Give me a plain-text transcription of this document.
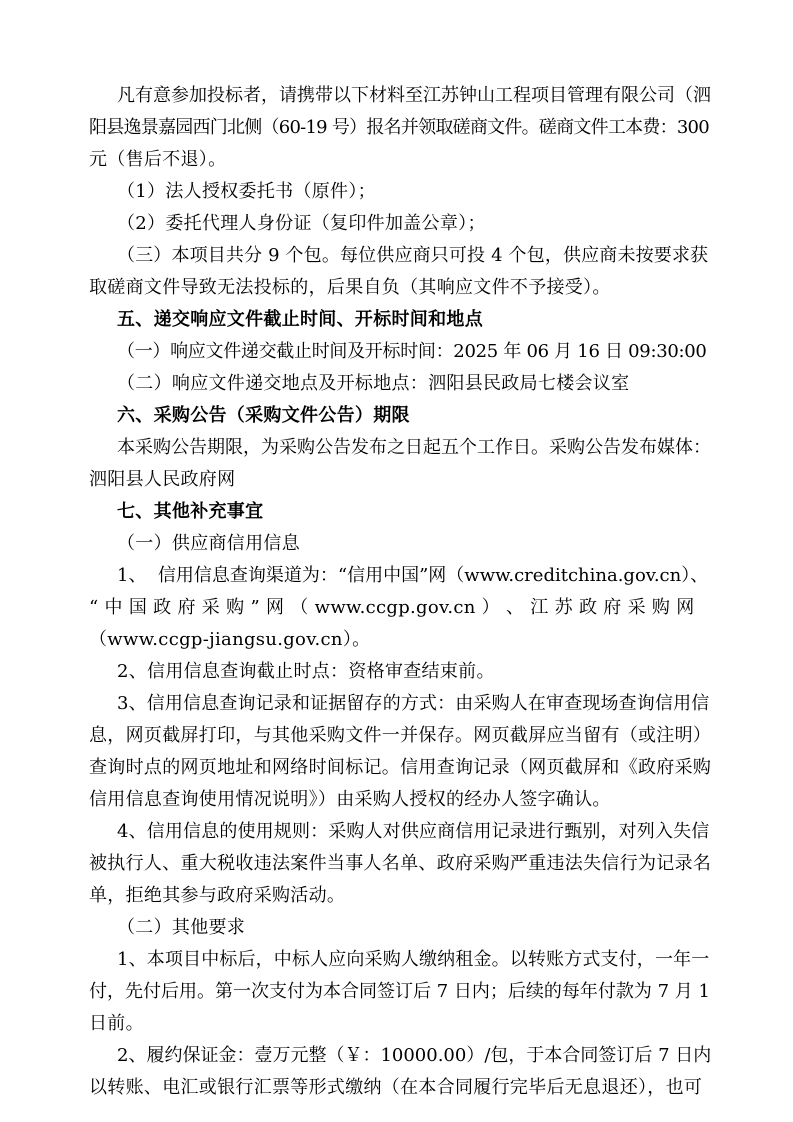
凡有意参加投标者，请携带以下材料至江苏钟山工程项目管理有限公司（泗
阳县逸景嘉园西门北侧（60-19 号）报名并领取磋商文件。磋商文件工本费：300
元（售后不退）。
（1）法人授权委托书（原件）；
（2）委托代理人身份证（复印件加盖公章）；
（三）本项目共分 9 个包。每位供应商只可投 4 个包，供应商未按要求获
取磋商文件导致无法投标的，后果自负（其响应文件不予接受）。
五、递交响应文件截止时间、开标时间和地点
（一）响应文件递交截止时间及开标时间：2025 年 06 月 16 日 09:30:00
（二）响应文件递交地点及开标地点：泗阳县民政局七楼会议室
六、采购公告（采购文件公告）期限
本采购公告期限，为采购公告发布之日起五个工作日。采购公告发布媒体：
泗阳县人民政府网
七、其他补充事宜
（一）供应商信用信息
1、  信用信息查询渠道为：“信用中国”网（www.creditchina.gov.cn）、
“ 中 国 政 府 采 购 ” 网 （ www.ccgp.gov.cn ） 、 江 苏 政 府 采 购 网
（www.ccgp-jiangsu.gov.cn）。
2、信用信息查询截止时点：资格审查结束前。
3、信用信息查询记录和证据留存的方式：由采购人在审查现场查询信用信
息，网页截屏打印，与其他采购文件一并保存。网页截屏应当留有（或注明）
查询时点的网页地址和网络时间标记。信用查询记录（网页截屏和《政府采购
信用信息查询使用情况说明》）由采购人授权的经办人签字确认。
4、信用信息的使用规则：采购人对供应商信用记录进行甄别，对列入失信
被执行人、重大税收违法案件当事人名单、政府采购严重违法失信行为记录名
单，拒绝其参与政府采购活动。
（二）其他要求
1、本项目中标后，中标人应向采购人缴纳租金。以转账方式支付，一年一
付，先付后用。第一次支付为本合同签订后 7 日内；后续的每年付款为 7 月 1
日前。
2、履约保证金：壹万元整（￥：10000.00）/包，于本合同签订后 7 日内
以转账、电汇或银行汇票等形式缴纳（在本合同履行完毕后无息退还），也可
